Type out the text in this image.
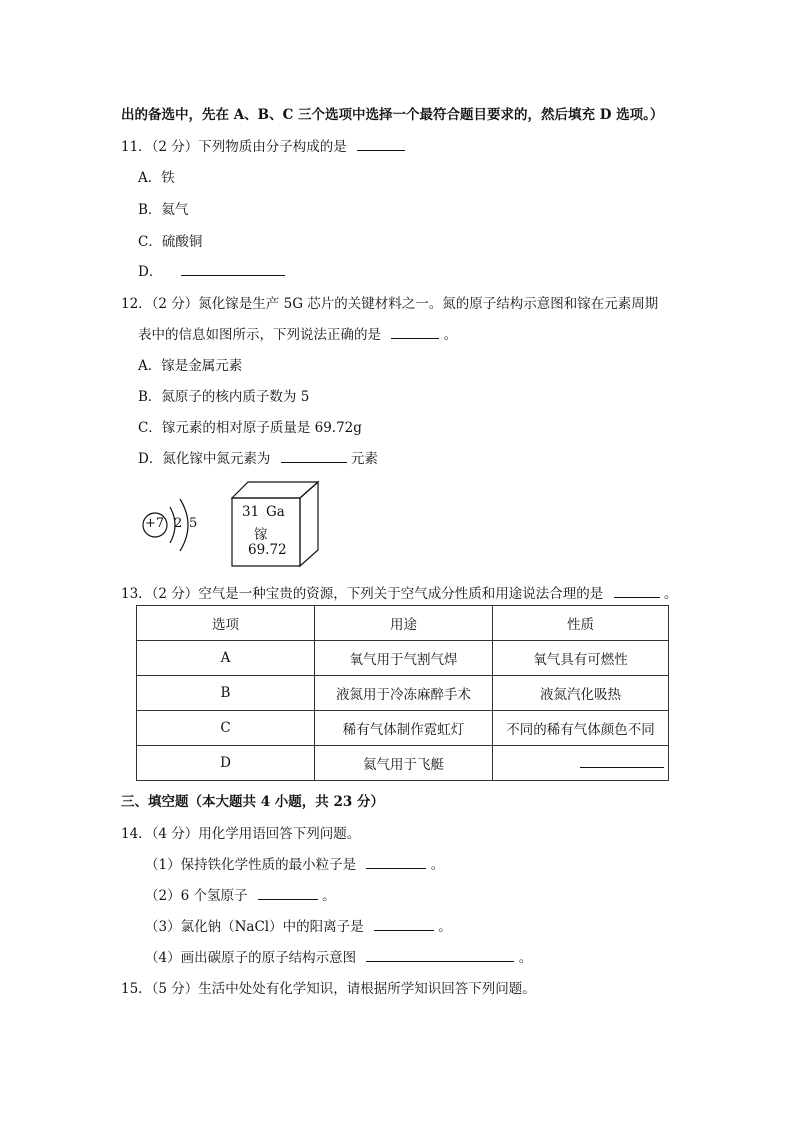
出的备选中，先在 A、B、C 三个选项中选择一个最符合题目要求的，然后填充 D 选项。）
11．（2 分）下列物质由分子构成的是
A．铁
B．氦气
C．硫酸铜
D．
12．（2 分）氮化镓是生产 5G 芯片的关键材料之一。氮的原子结构示意图和镓在元素周期
表中的信息如图所示，下列说法正确的是	。
A．镓是金属元素
B．氮原子的核内质子数为 5
C．镓元素的相对原子质量是 69.72g
D．氮化镓中氮元素为	元素
+7 2 5
31 Ga
镓
69.72
13．（2 分）空气是一种宝贵的资源，下列关于空气成分性质和用途说法合理的是	。
选项	用途	性质
A	氧气用于气割气焊	氧气具有可燃性
B	液氮用于冷冻麻醉手术	液氮汽化吸热
C	稀有气体制作霓虹灯	不同的稀有气体颜色不同
D	氦气用于飞艇	
三、填空题（本大题共 4 小题，共 23 分）
14．（4 分）用化学用语回答下列问题。
（1）保持铁化学性质的最小粒子是	。
（2）6 个氢原子	。
（3）氯化钠（NaCl）中的阳离子是	。
（4）画出碳原子的原子结构示意图	。
15．（5 分）生活中处处有化学知识，请根据所学知识回答下列问题。
